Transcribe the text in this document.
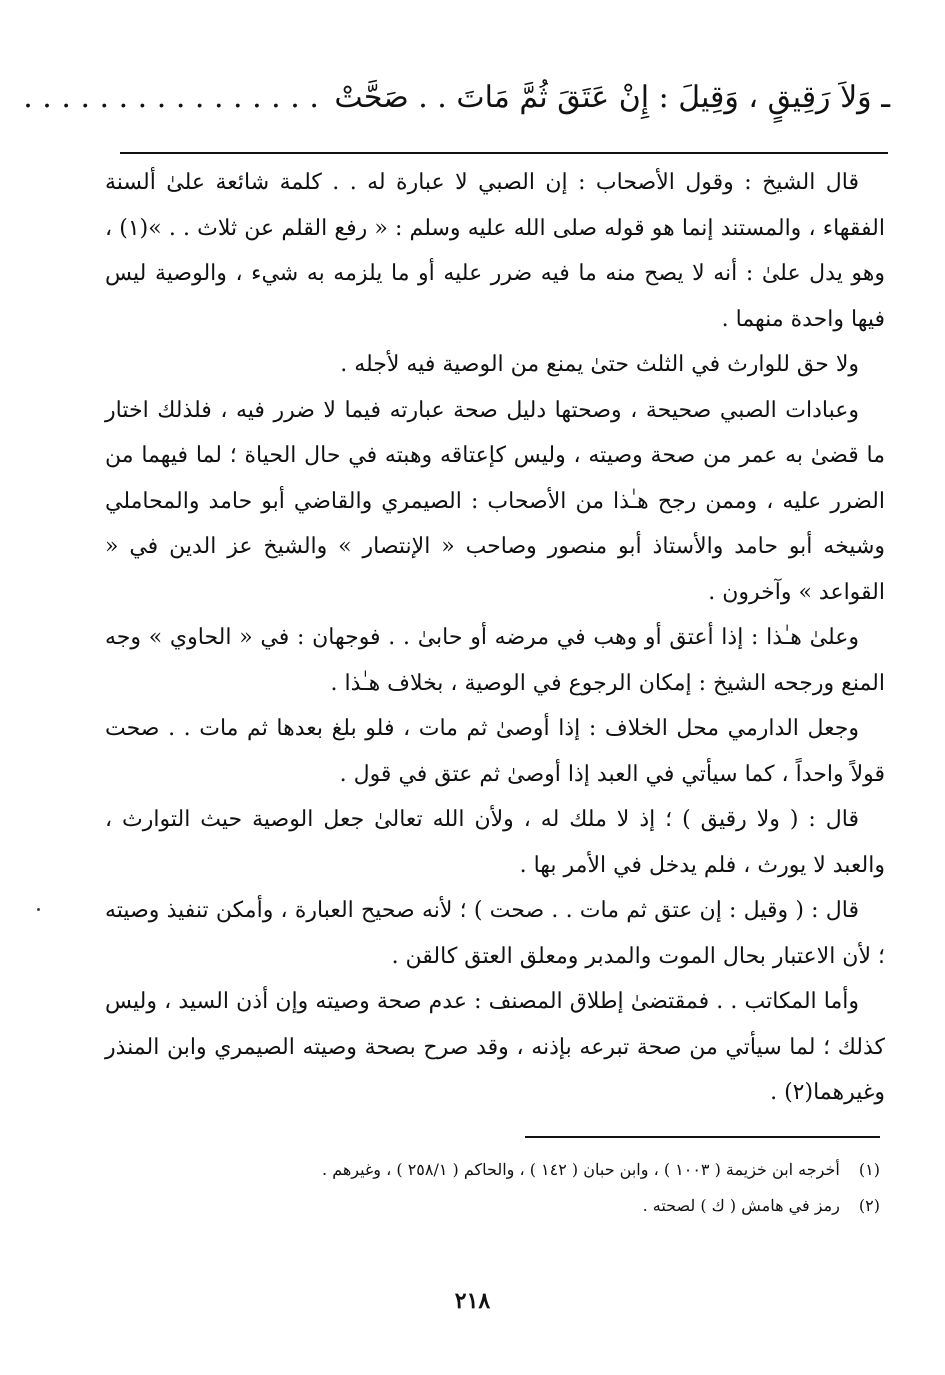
ـ وَلاَ رَقِيقٍ ، وَقِيلَ : إِنْ عَتَقَ ثُمَّ مَاتَ . . صَحَّتْ . . . . . . . . . . . . . . . .

قال الشيخ : وقول الأصحاب : إن الصبي لا عبارة له . . كلمة شائعة علىٰ ألسنة الفقهاء ، والمستند إنما هو قوله صلى الله عليه وسلم : « رفع القلم عن ثلاث . . »(١) ، وهو يدل علىٰ : أنه لا يصح منه ما فيه ضرر عليه أو ما يلزمه به شيء ، والوصية ليس فيها واحدة منهما .

ولا حق للوارث في الثلث حتىٰ يمنع من الوصية فيه لأجله .

وعبادات الصبي صحيحة ، وصحتها دليل صحة عبارته فيما لا ضرر فيه ، فلذلك اختار ما قضىٰ به عمر من صحة وصيته ، وليس كإعتاقه وهبته في حال الحياة ؛ لما فيهما من الضرر عليه ، وممن رجح هـٰذا من الأصحاب : الصيمري والقاضي أبو حامد والمحاملي وشيخه أبو حامد والأستاذ أبو منصور وصاحب « الإنتصار » والشيخ عز الدين في « القواعد » وآخرون .

وعلىٰ هـٰذا : إذا أعتق أو وهب في مرضه أو حابىٰ . . فوجهان : في « الحاوي » وجه المنع ورجحه الشيخ : إمكان الرجوع في الوصية ، بخلاف هـٰذا .

وجعل الدارمي محل الخلاف : إذا أوصىٰ ثم مات ، فلو بلغ بعدها ثم مات . . صحت قولاً واحداً ، كما سيأتي في العبد إذا أوصىٰ ثم عتق في قول .

قال : ( ولا رقيق ) ؛ إذ لا ملك له ، ولأن الله تعالىٰ جعل الوصية حيث التوارث ، والعبد لا يورث ، فلم يدخل في الأمر بها .

قال : ( وقيل : إن عتق ثم مات . . صحت ) ؛ لأنه صحيح العبارة ، وأمكن تنفيذ وصيته ؛ لأن الاعتبار بحال الموت والمدبر ومعلق العتق كالقن .

وأما المكاتب . . فمقتضىٰ إطلاق المصنف : عدم صحة وصيته وإن أذن السيد ، وليس كذلك ؛ لما سيأتي من صحة تبرعه بإذنه ، وقد صرح بصحة وصيته الصيمري وابن المنذر وغيرهما(٢) .

(١) أخرجه ابن خزيمة ( ١٠٠٣ ) ، وابن حبان ( ١٤٢ ) ، والحاكم ( ٢٥٨/١ ) ، وغيرهم .
(٢) رمز في هامش ( ك ) لصحته .
٢١٨
